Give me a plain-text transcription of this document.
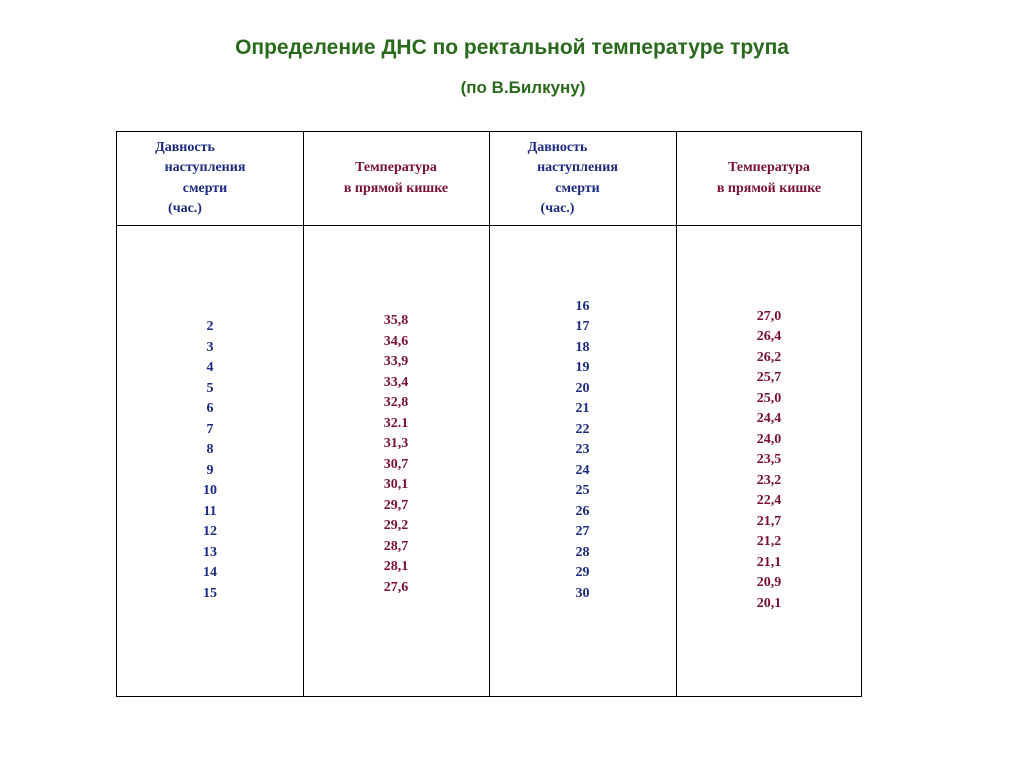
Определение ДНС по ректальной температуре трупа
(по В.Билкуну)
Давность
наступления
смерти
(час.)
Температура
в прямой кишке
Давность
наступления
смерти
(час.)
Температура
в прямой кишке
2
3
4
5
6
7
8
9
10
11
12
13
14
15
35,8
34,6
33,9
33,4
32,8
32.1
31,3
30,7
30,1
29,7
29,2
28,7
28,1
27,6
16
17
18
19
20
21
22
23
24
25
26
27
28
29
30
27,0
26,4
26,2
25,7
25,0
24,4
24,0
23,5
23,2
22,4
21,7
21,2
21,1
20,9
20,1
